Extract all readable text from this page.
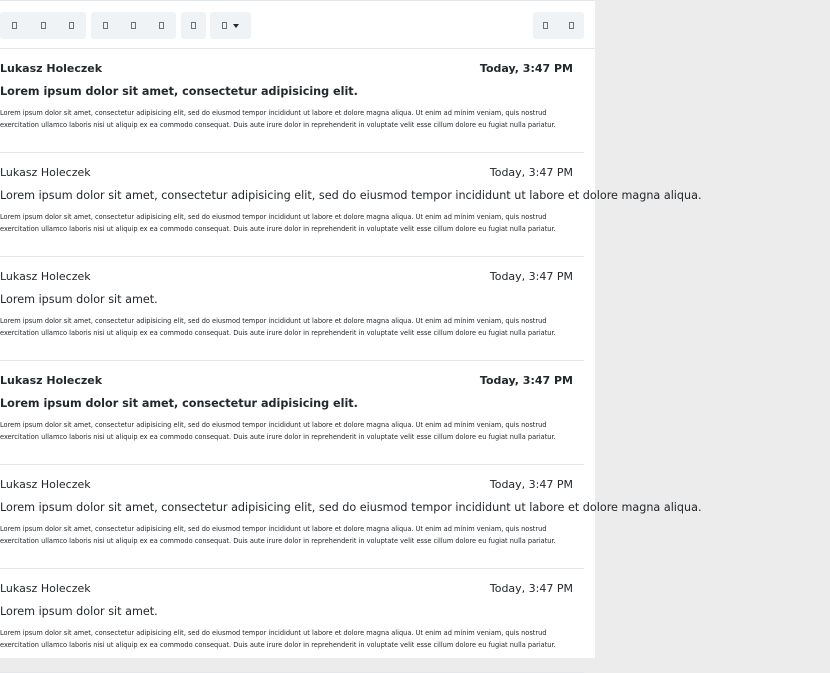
Lukasz Holeczek	Today, 3:47 PM
Lorem ipsum dolor sit amet, consectetur adipisicing elit.
Lorem ipsum dolor sit amet, consectetur adipisicing elit, sed do eiusmod tempor incididunt ut labore et dolore magna aliqua. Ut enim ad minim veniam, quis nostrud exercitation ullamco laboris nisi ut aliquip ex ea commodo consequat. Duis aute irure dolor in reprehenderit in voluptate velit esse cillum dolore eu fugiat nulla pariatur.
Lukasz Holeczek	Today, 3:47 PM
Lorem ipsum dolor sit amet, consectetur adipisicing elit, sed do eiusmod tempor incididunt ut labore et dolore magna aliqua.
Lorem ipsum dolor sit amet, consectetur adipisicing elit, sed do eiusmod tempor incididunt ut labore et dolore magna aliqua. Ut enim ad minim veniam, quis nostrud exercitation ullamco laboris nisi ut aliquip ex ea commodo consequat. Duis aute irure dolor in reprehenderit in voluptate velit esse cillum dolore eu fugiat nulla pariatur.
Lukasz Holeczek	Today, 3:47 PM
Lorem ipsum dolor sit amet.
Lorem ipsum dolor sit amet, consectetur adipisicing elit, sed do eiusmod tempor incididunt ut labore et dolore magna aliqua. Ut enim ad minim veniam, quis nostrud exercitation ullamco laboris nisi ut aliquip ex ea commodo consequat. Duis aute irure dolor in reprehenderit in voluptate velit esse cillum dolore eu fugiat nulla pariatur.
Lukasz Holeczek	Today, 3:47 PM
Lorem ipsum dolor sit amet, consectetur adipisicing elit.
Lorem ipsum dolor sit amet, consectetur adipisicing elit, sed do eiusmod tempor incididunt ut labore et dolore magna aliqua. Ut enim ad minim veniam, quis nostrud exercitation ullamco laboris nisi ut aliquip ex ea commodo consequat. Duis aute irure dolor in reprehenderit in voluptate velit esse cillum dolore eu fugiat nulla pariatur.
Lukasz Holeczek	Today, 3:47 PM
Lorem ipsum dolor sit amet, consectetur adipisicing elit, sed do eiusmod tempor incididunt ut labore et dolore magna aliqua.
Lorem ipsum dolor sit amet, consectetur adipisicing elit, sed do eiusmod tempor incididunt ut labore et dolore magna aliqua. Ut enim ad minim veniam, quis nostrud exercitation ullamco laboris nisi ut aliquip ex ea commodo consequat. Duis aute irure dolor in reprehenderit in voluptate velit esse cillum dolore eu fugiat nulla pariatur.
Lukasz Holeczek	Today, 3:47 PM
Lorem ipsum dolor sit amet.
Lorem ipsum dolor sit amet, consectetur adipisicing elit, sed do eiusmod tempor incididunt ut labore et dolore magna aliqua. Ut enim ad minim veniam, quis nostrud exercitation ullamco laboris nisi ut aliquip ex ea commodo consequat. Duis aute irure dolor in reprehenderit in voluptate velit esse cillum dolore eu fugiat nulla pariatur.
